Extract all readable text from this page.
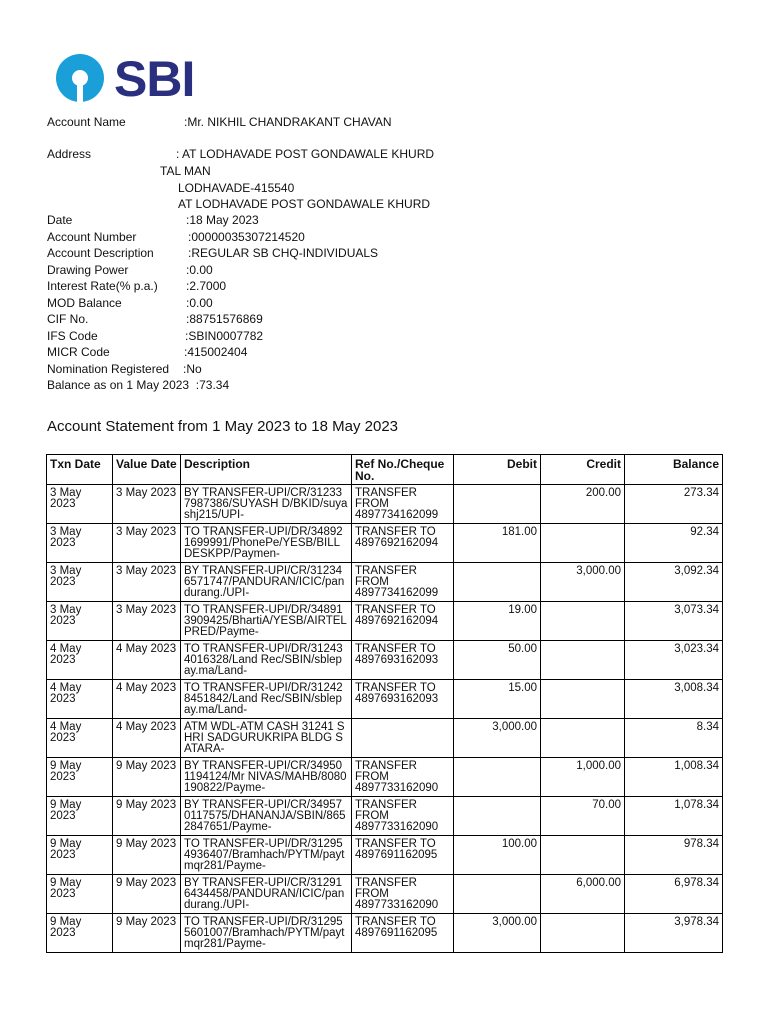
SBI
Account Name	:Mr. NIKHIL CHANDRAKANT CHAVAN
Address	: AT LODHAVADE POST GONDAWALE KHURD
TAL MAN
LODHAVADE-415540
AT LODHAVADE POST GONDAWALE KHURD
Date	:18 May 2023
Account Number	:00000035307214520
Account Description	:REGULAR SB CHQ-INDIVIDUALS
Drawing Power	:0.00
Interest Rate(% p.a.) :2.7000
MOD Balance	:0.00
CIF No.	:88751576869
IFS Code	:SBIN0007782
MICR Code	:415002404
Nomination Registered :No
Balance as on 1 May 2023  :73.34
Account Statement from 1 May 2023 to 18 May 2023
Txn Date	Value Date	Description	Ref No./Cheque No.	Debit	Credit	Balance
3 May 2023	3 May 2023	BY TRANSFER-UPI/CR/312337987386/SUYASH D/BKID/suyashj215/UPI-	TRANSFER FROM 4897734162099		200.00	273.34
3 May 2023	3 May 2023	TO TRANSFER-UPI/DR/348921699991/PhonePe/YESB/BILLDESKPP/Paymen-	TRANSFER TO 4897692162094	181.00		92.34
3 May 2023	3 May 2023	BY TRANSFER-UPI/CR/312346571747/PANDURAN/ICIC/pandurang./UPI-	TRANSFER FROM 4897734162099		3,000.00	3,092.34
3 May 2023	3 May 2023	TO TRANSFER-UPI/DR/348913909425/BhartiA/YESB/AIRTELPRED/Payme-	TRANSFER TO 4897692162094	19.00		3,073.34
4 May 2023	4 May 2023	TO TRANSFER-UPI/DR/312434016328/Land Rec/SBIN/sblepay.ma/Land-	TRANSFER TO 4897693162093	50.00		3,023.34
4 May 2023	4 May 2023	TO TRANSFER-UPI/DR/312428451842/Land Rec/SBIN/sblepay.ma/Land-	TRANSFER TO 4897693162093	15.00		3,008.34
4 May 2023	4 May 2023	ATM WDL-ATM CASH 31241 SHRI SADGURUKRIPA BLDG SATARA-		3,000.00		8.34
9 May 2023	9 May 2023	BY TRANSFER-UPI/CR/349501194124/Mr NIVAS/MAHB/8080190822/Payme-	TRANSFER FROM 4897733162090		1,000.00	1,008.34
9 May 2023	9 May 2023	BY TRANSFER-UPI/CR/349570117575/DHANANJA/SBIN/8652847651/Payme-	TRANSFER FROM 4897733162090		70.00	1,078.34
9 May 2023	9 May 2023	TO TRANSFER-UPI/DR/312954936407/Bramhach/PYTM/paytmqr281/Payme-	TRANSFER TO 4897691162095	100.00		978.34
9 May 2023	9 May 2023	BY TRANSFER-UPI/CR/312916434458/PANDURAN/ICIC/pandurang./UPI-	TRANSFER FROM 4897733162090		6,000.00	6,978.34
9 May 2023	9 May 2023	TO TRANSFER-UPI/DR/312955601007/Bramhach/PYTM/paytmqr281/Payme-	TRANSFER TO 4897691162095	3,000.00		3,978.34
